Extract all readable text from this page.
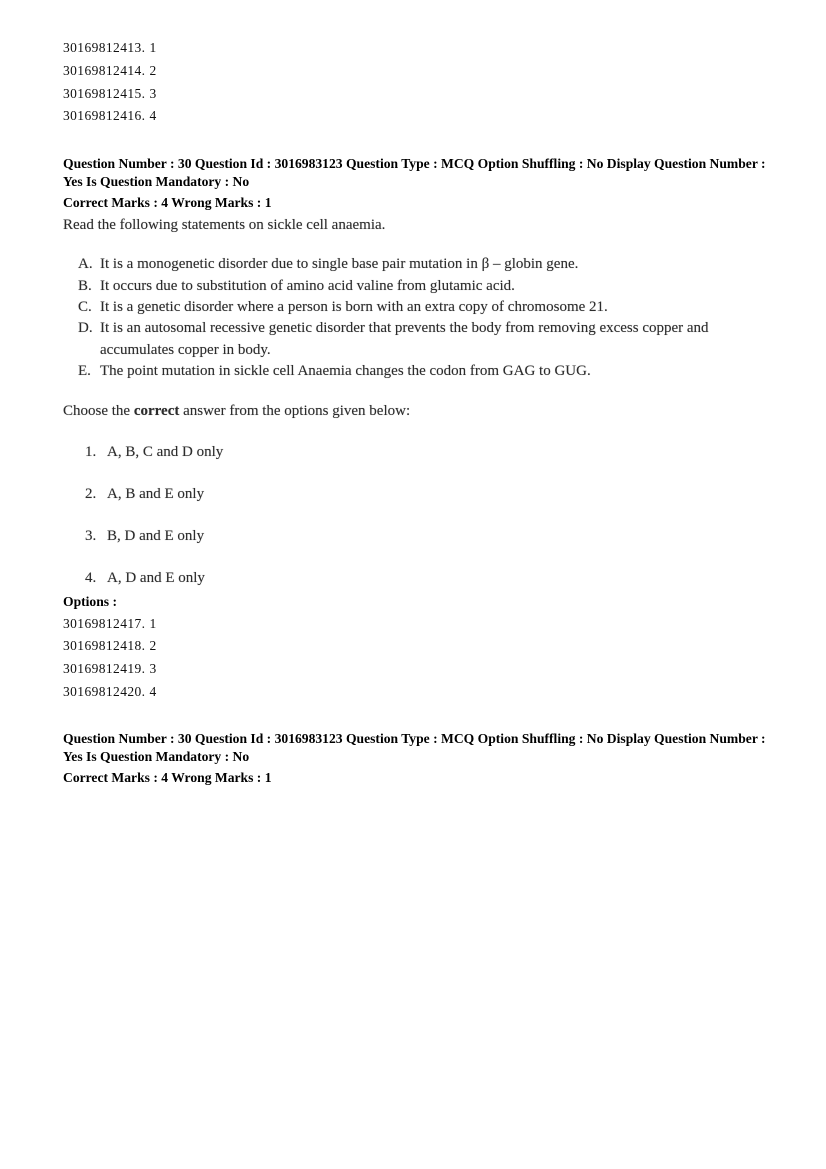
30169812413. 1
30169812414. 2
30169812415. 3
30169812416. 4

Question Number : 30 Question Id : 3016983123 Question Type : MCQ Option Shuffling : No Display Question Number : Yes Is Question Mandatory : No

Correct Marks : 4 Wrong Marks : 1

Read the following statements on sickle cell anaemia.

A. It is a monogenetic disorder due to single base pair mutation in β – globin gene.
B. It occurs due to substitution of amino acid valine from glutamic acid.
C. It is a genetic disorder where a person is born with an extra copy of chromosome 21.
D. It is an autosomal recessive genetic disorder that prevents the body from removing excess copper and accumulates copper in body.
E. The point mutation in sickle cell Anaemia changes the codon from GAG to GUG.

Choose the correct answer from the options given below:

1. A, B, C and D only
2. A, B and E only
3. B, D and E only
4. A, D and E only

Options :

30169812417. 1
30169812418. 2
30169812419. 3
30169812420. 4

Question Number : 30 Question Id : 3016983123 Question Type : MCQ Option Shuffling : No Display Question Number : Yes Is Question Mandatory : No

Correct Marks : 4 Wrong Marks : 1
